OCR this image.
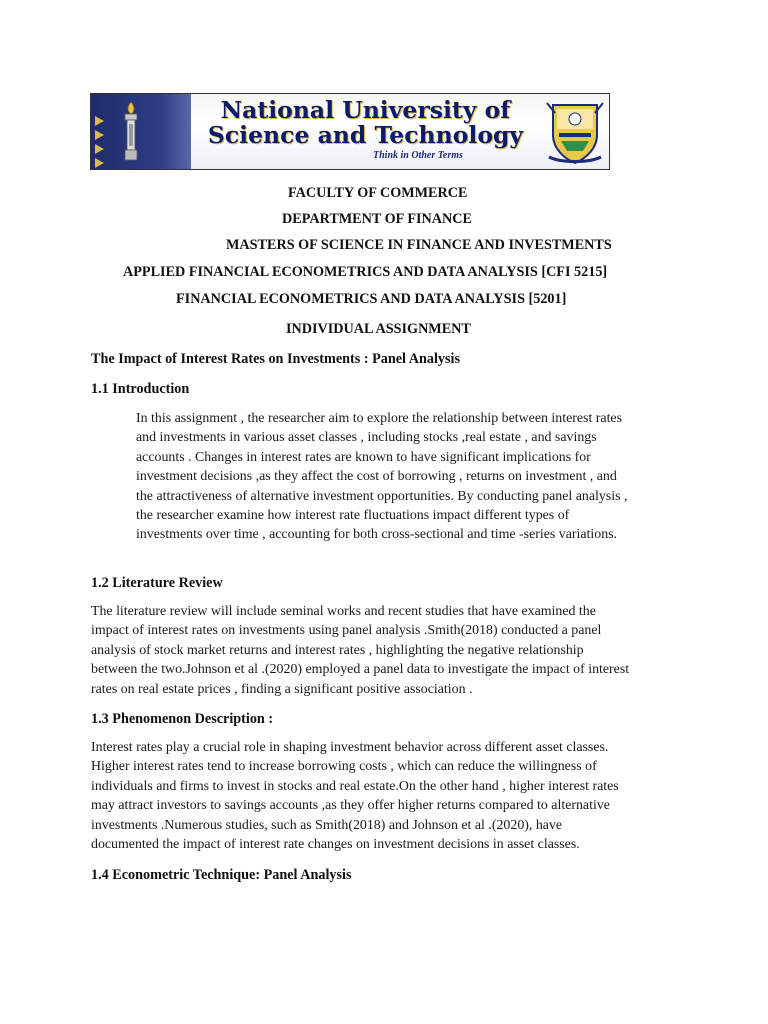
National University of
Science and Technology
Think in Other Terms
FACULTY OF COMMERCE
DEPARTMENT OF FINANCE
MASTERS OF SCIENCE IN FINANCE AND INVESTMENTS
APPLIED FINANCIAL ECONOMETRICS AND DATA ANALYSIS [CFI 5215]
FINANCIAL ECONOMETRICS AND DATA ANALYSIS [5201]
INDIVIDUAL ASSIGNMENT
The Impact of Interest Rates on Investments : Panel Analysis
1.1 Introduction
In this assignment , the researcher aim to explore the relationship between interest rates
and investments in various asset classes , including stocks ,real estate , and savings
accounts . Changes in interest rates are known to have significant implications for
investment decisions ,as they affect the cost of borrowing , returns on investment , and
the attractiveness of alternative investment opportunities. By conducting panel analysis ,
the researcher examine how interest rate fluctuations impact different types of
investments over time , accounting for both cross-sectional and time -series variations.
1.2 Literature Review
The literature review will include seminal works and recent studies that have examined the
impact of interest rates on investments using panel analysis .Smith(2018) conducted a panel
analysis of stock market returns and interest rates , highlighting the negative relationship
between the two.Johnson et al .(2020) employed a panel data to investigate the impact of interest
rates on real estate prices , finding a significant positive association .
1.3 Phenomenon Description :
Interest rates play a crucial role in shaping investment behavior across different asset classes.
Higher interest rates tend to increase borrowing costs , which can reduce the willingness of
individuals and firms to invest in stocks and real estate.On the other hand , higher interest rates
may attract investors to savings accounts ,as they offer higher returns compared to alternative
investments .Numerous studies, such as Smith(2018) and Johnson et al .(2020), have
documented the impact of interest rate changes on investment decisions in asset classes.
1.4 Econometric Technique: Panel Analysis
